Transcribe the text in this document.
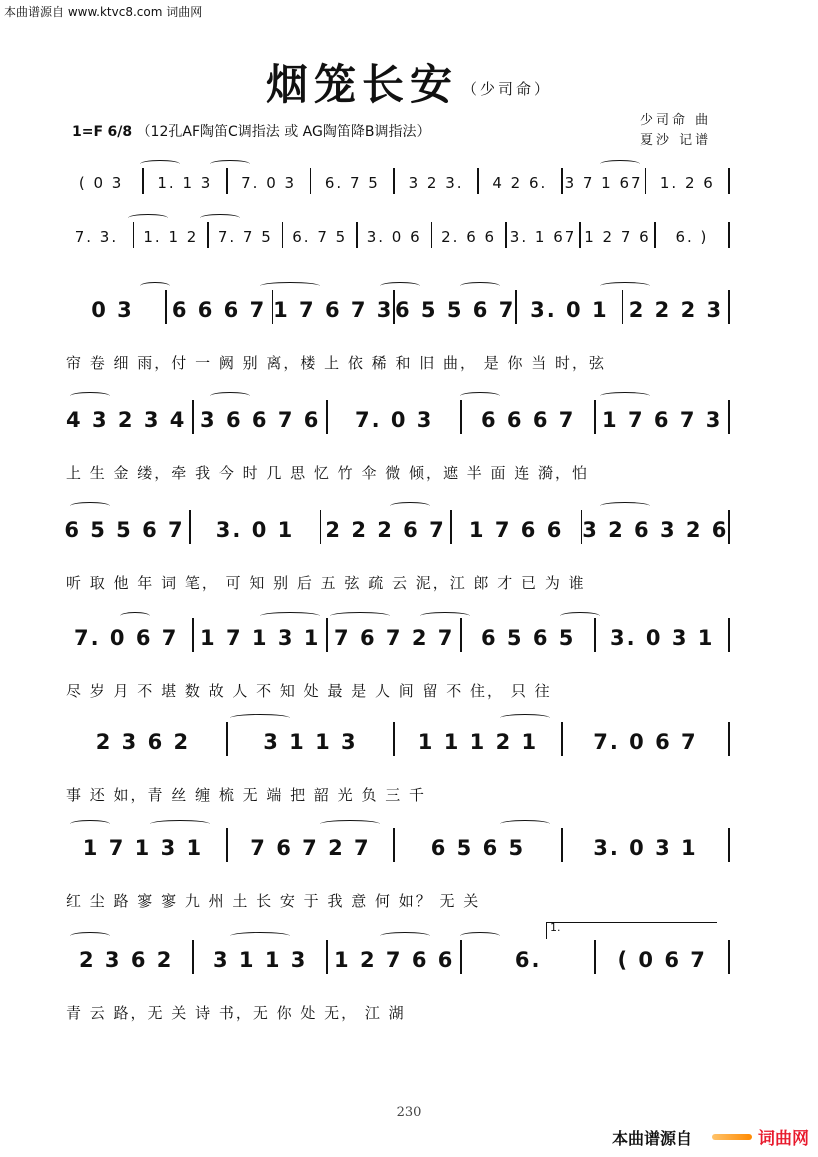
本曲谱源自 www.ktvc8.com 词曲网
烟笼长安 （少司命）
1=F 6/8 （12孔AF陶笛C调指法 或 AG陶笛降B调指法）
少司命 曲
夏沙 记谱
( 0 3	1. 1 3	7. 0 3	6. 7 5	3 2 3.	4 2 6.	3 7 1 67	1. 2 6
7. 3.	1. 1 2	7. 7 5	6. 7 5	3. 0 6	2. 6 6 3. 1 67 1 2 7 6	6. )
0 3	6 6 6 7 1 7 6 7 3 6 5 5 6 7 3. 0 1 2 2 2 3
帘 卷 细 雨，付 一 阙 别 离，楼 上 依 稀 和 旧 曲， 是 你 当 时，弦
4 3 2 3 4 3 6 6 7 6	7. 0 3	6 6 6 7	1 7 6 7 3
上 生 金 缕，牵 我 今 时 几 思 忆 竹 伞 微 倾，遮 半 面 连 漪，怕
6 5 5 6 7	3. 0 1	2 2 2 6 7	1 7 6 6 3 2 6 3 2 6
听 取 他 年 词 笔， 可 知 别 后 五 弦 疏 云 泥，江 郎 才 已 为 谁
7. 0 6 7	1 7 1 3 1 7 6 7 2 7	6 5 6 5	3. 0 3 1
尽 岁 月 不 堪 数 故 人 不 知 处 最 是 人 间 留 不 住， 只 往
2 3 6 2	3 1 1 3	1 1 1 2 1	7. 0 6 7
事 还 如，青 丝 缠 梳 无 端 把 韶 光 负 三 千
1 7 1 3 1	7 6 7 2 7	6 5 6 5	3. 0 3 1
红 尘 路 寥 寥 九 州 土 长 安 于 我 意 何 如？ 无 关
2 3 6 2	3 1 1 3	1 2 7 6 6	6.	( 0 6 7
青 云 路，无 关 诗 书，无 你 处 无， 江 湖
230
本曲谱源自	词曲网
1.
